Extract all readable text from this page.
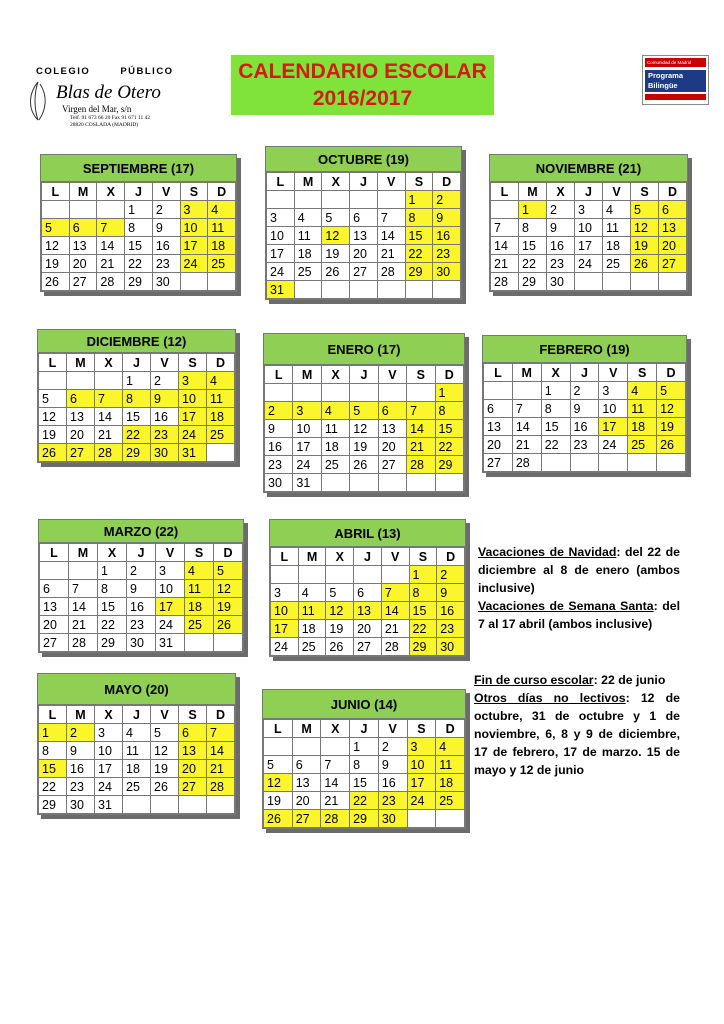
COLEGIO	PÚBLICO
Blas de Otero
Virgen del Mar, s/n
Telf. 91 673 66 20 Fax 91 671 11 42
28820 COSLADA (MADRID)
CALENDARIO ESCOLAR
2016/2017
Comunidad de Madrid
Programa
Bilingüe
SEPTIEMBRE (17)
L	M	X	J	V	S	D
			1	2	3	4
5	6	7	8	9	10	11
12	13	14	15	16	17	18
19	20	21	22	23	24	25
26	27	28	29	30		
OCTUBRE (19)
L	M	X	J	V	S	D
					1	2
3	4	5	6	7	8	9
10	11	12	13	14	15	16
17	18	19	20	21	22	23
24	25	26	27	28	29	30
31						
NOVIEMBRE (21)
L	M	X	J	V	S	D
	1	2	3	4	5	6
7	8	9	10	11	12	13
14	15	16	17	18	19	20
21	22	23	24	25	26	27
28	29	30				
DICIEMBRE (12)
L	M	X	J	V	S	D
			1	2	3	4
5	6	7	8	9	10	11
12	13	14	15	16	17	18
19	20	21	22	23	24	25
26	27	28	29	30	31	
ENERO (17)
L	M	X	J	V	S	D
						1
2	3	4	5	6	7	8
9	10	11	12	13	14	15
16	17	18	19	20	21	22
23	24	25	26	27	28	29
30	31					
FEBRERO (19)
L	M	X	J	V	S	D
		1	2	3	4	5
6	7	8	9	10	11	12
13	14	15	16	17	18	19
20	21	22	23	24	25	26
27	28					
MARZO (22)
L	M	X	J	V	S	D
		1	2	3	4	5
6	7	8	9	10	11	12
13	14	15	16	17	18	19
20	21	22	23	24	25	26
27	28	29	30	31		
ABRIL (13)
L	M	X	J	V	S	D
					1	2
3	4	5	6	7	8	9
10	11	12	13	14	15	16
17	18	19	20	21	22	23
24	25	26	27	28	29	30
MAYO (20)
L	M	X	J	V	S	D
1	2	3	4	5	6	7
8	9	10	11	12	13	14
15	16	17	18	19	20	21
22	23	24	25	26	27	28
29	30	31				
JUNIO (14)
L	M	X	J	V	S	D
			1	2	3	4
5	6	7	8	9	10	11
12	13	14	15	16	17	18
19	20	21	22	23	24	25
26	27	28	29	30		
Vacaciones de Navidad: del 22 de diciembre al 8 de enero (ambos inclusive)
Vacaciones de Semana Santa: del 7 al 17 abril (ambos inclusive)
Fin de curso escolar: 22 de junio
Otros días no lectivos: 12 de octubre, 31 de octubre y 1 de noviembre, 6, 8 y 9 de diciembre, 17 de febrero, 17 de marzo. 15 de mayo y 12 de junio
